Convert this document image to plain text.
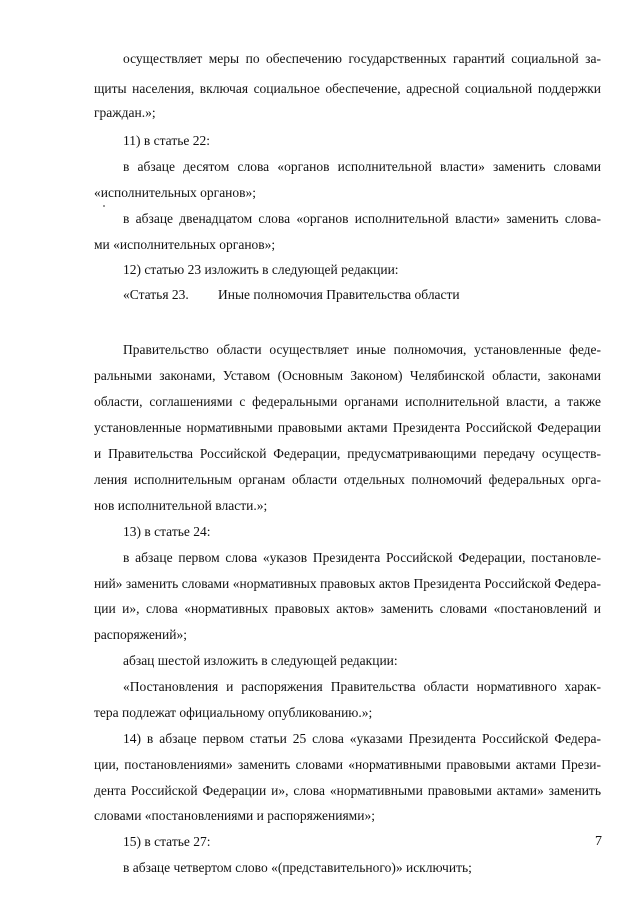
осуществляет меры по обеспечению государственных гарантий социальной за-

щиты населения, включая социальное обеспечение, адресной социальной поддержки

граждан.»;

11) в статье 22:

в абзаце десятом слова «органов исполнительной власти» заменить словами

«исполнительных органов»;

в абзаце двенадцатом слова «органов исполнительной власти» заменить слова-

ми «исполнительных органов»;

12) статью 23 изложить в следующей редакции:

«Статья 23. Иные полномочия Правительства области

Правительство области осуществляет иные полномочия, установленные феде-

ральными законами, Уставом (Основным Законом) Челябинской области, законами

области, соглашениями с федеральными органами исполнительной власти, а также

установленные нормативными правовыми актами Президента Российской Федерации

и Правительства Российской Федерации, предусматривающими передачу осуществ-

ления исполнительным органам области отдельных полномочий федеральных орга-

нов исполнительной власти.»;

13) в статье 24:

в абзаце первом слова «указов Президента Российской Федерации, постановле-

ний» заменить словами «нормативных правовых актов Президента Российской Федера-

ции и», слова «нормативных правовых актов» заменить словами «постановлений и

распоряжений»;

абзац шестой изложить в следующей редакции:

«Постановления и распоряжения Правительства области нормативного харак-

тера подлежат официальному опубликованию.»;

14) в абзаце первом статьи 25 слова «указами Президента Российской Федера-

ции, постановлениями» заменить словами «нормативными правовыми актами Прези-

дента Российской Федерации и», слова «нормативными правовыми актами» заменить

словами «постановлениями и распоряжениями»;

15) в статье 27:

в абзаце четвертом слово «(представительного)» исключить;

7
